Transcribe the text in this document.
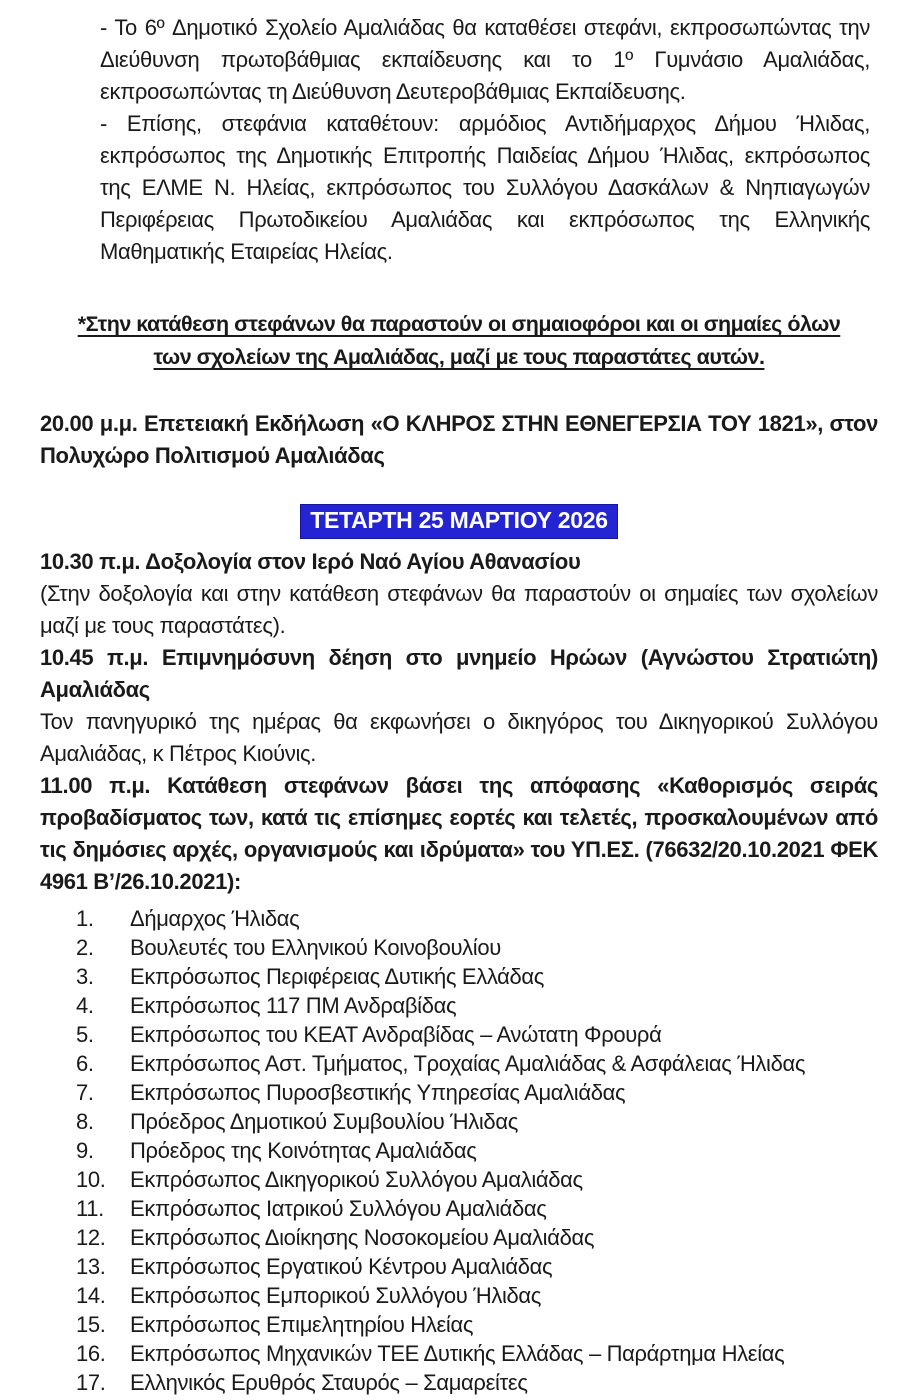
- Το 6º Δημοτικό Σχολείο Αμαλιάδας θα καταθέσει στεφάνι, εκπροσωπώντας την Διεύθυνση πρωτοβάθμιας εκπαίδευσης και το 1º Γυμνάσιο Αμαλιάδας, εκπροσωπώντας τη Διεύθυνση Δευτεροβάθμιας Εκπαίδευσης.

- Επίσης, στεφάνια καταθέτουν: αρμόδιος Αντιδήμαρχος Δήμου Ήλιδας, εκπρόσωπος της Δημοτικής Επιτροπής Παιδείας Δήμου Ήλιδας, εκπρόσωπος της ΕΛΜΕ Ν. Ηλείας, εκπρόσωπος του Συλλόγου Δασκάλων & Νηπιαγωγών Περιφέρειας Πρωτοδικείου Αμαλιάδας και εκπρόσωπος της Ελληνικής Μαθηματικής Εταιρείας Ηλείας.

*Στην κατάθεση στεφάνων θα παραστούν οι σημαιοφόροι και οι σημαίες όλων
των σχολείων της Αμαλιάδας, μαζί με τους παραστάτες αυτών.

20.00 μ.μ. Επετειακή Εκδήλωση «Ο ΚΛΗΡΟΣ ΣΤΗΝ ΕΘΝΕΓΕΡΣΙΑ ΤΟΥ 1821», στον Πολυχώρο Πολιτισμού Αμαλιάδας

ΤΕΤΑΡΤΗ 25 ΜΑΡΤΙΟΥ 2026

10.30 π.μ. Δοξολογία στον Ιερό Ναό Αγίου Αθανασίου

(Στην δοξολογία και στην κατάθεση στεφάνων θα παραστούν οι σημαίες των σχολείων μαζί με τους παραστάτες).

10.45 π.μ. Επιμνημόσυνη δέηση στο μνημείο Ηρώων (Αγνώστου Στρατιώτη) Αμαλιάδας

Τον πανηγυρικό της ημέρας θα εκφωνήσει ο δικηγόρος του Δικηγορικού Συλλόγου Αμαλιάδας, κ Πέτρος Κιούνις.

11.00 π.μ. Κατάθεση στεφάνων βάσει της απόφασης «Καθορισμός σειράς προβαδίσματος των, κατά τις επίσημες εορτές και τελετές, προσκαλουμένων από τις δημόσιες αρχές, οργανισμούς και ιδρύματα» του ΥΠ.ΕΣ. (76632/20.10.2021 ΦΕΚ 4961 Β’/26.10.2021):

1.	Δήμαρχος Ήλιδας
2.	Βουλευτές του Ελληνικού Κοινοβουλίου
3.	Εκπρόσωπος Περιφέρειας Δυτικής Ελλάδας
4.	Εκπρόσωπος 117 ΠΜ Ανδραβίδας
5.	Εκπρόσωπος του ΚΕΑΤ Ανδραβίδας – Ανώτατη Φρουρά
6.	Εκπρόσωπος Αστ. Τμήματος, Τροχαίας Αμαλιάδας & Ασφάλειας Ήλιδας
7.	Εκπρόσωπος Πυροσβεστικής Υπηρεσίας Αμαλιάδας
8.	Πρόεδρος Δημοτικού Συμβουλίου Ήλιδας
9.	Πρόεδρος της Κοινότητας Αμαλιάδας
10.	Εκπρόσωπος Δικηγορικού Συλλόγου Αμαλιάδας
11.	Εκπρόσωπος Ιατρικού Συλλόγου Αμαλιάδας
12.	Εκπρόσωπος Διοίκησης Νοσοκομείου Αμαλιάδας
13.	Εκπρόσωπος Εργατικού Κέντρου Αμαλιάδας
14.	Εκπρόσωπος Εμπορικού Συλλόγου Ήλιδας
15.	Εκπρόσωπος Επιμελητηρίου Ηλείας
16.	Εκπρόσωπος Μηχανικών ΤΕΕ Δυτικής Ελλάδας – Παράρτημα Ηλείας
17.	Ελληνικός Ερυθρός Σταυρός – Σαμαρείτες
